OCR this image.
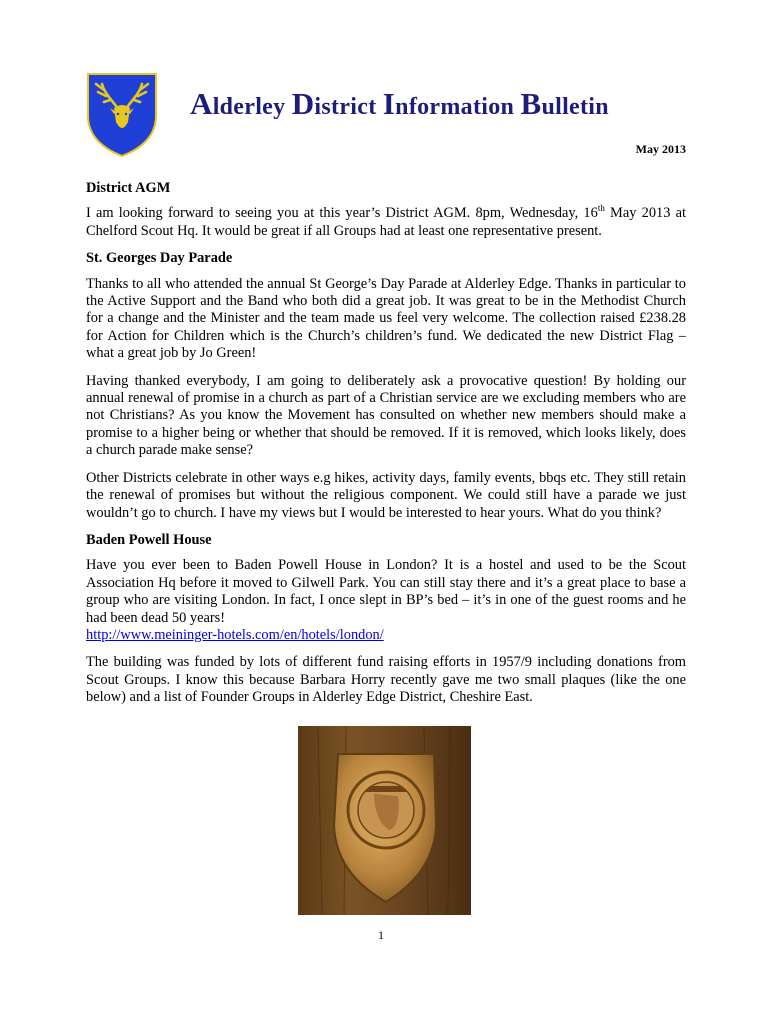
Alderley District Information Bulletin
May 2013
District AGM

I am looking forward to seeing you at this year’s District AGM. 8pm, Wednesday, 16th May 2013 at Chelford Scout Hq. It would be great if all Groups had at least one representative present.

St. Georges Day Parade

Thanks to all who attended the annual St George’s Day Parade at Alderley Edge. Thanks in particular to the Active Support and the Band who both did a great job. It was great to be in the Methodist Church for a change and the Minister and the team made us feel very welcome. The collection raised £238.28 for Action for Children which is the Church’s children’s fund. We dedicated the new District Flag – what a great job by Jo Green!

Having thanked everybody, I am going to deliberately ask a provocative question! By holding our annual renewal of promise in a church as part of a Christian service are we excluding members who are not Christians? As you know the Movement has consulted on whether new members should make a promise to a higher being or whether that should be removed. If it is removed, which looks likely, does a church parade make sense?

Other Districts celebrate in other ways e.g hikes, activity days, family events, bbqs etc. They still retain the renewal of promises but without the religious component. We could still have a parade we just wouldn’t go to church. I have my views but I would be interested to hear yours. What do you think?

Baden Powell House

Have you ever been to Baden Powell House in London? It is a hostel and used to be the Scout Association Hq before it moved to Gilwell Park. You can still stay there and it’s a great place to base a group who are visiting London. In fact, I once slept in BP’s bed – it’s in one of the guest rooms and he had been dead 50 years!
http://www.meininger-hotels.com/en/hotels/london/

The building was funded by lots of different fund raising efforts in 1957/9 including donations from Scout Groups. I know this because Barbara Horry recently gave me two small plaques (like the one below) and a list of Founder Groups in Alderley Edge District, Cheshire East.

1
